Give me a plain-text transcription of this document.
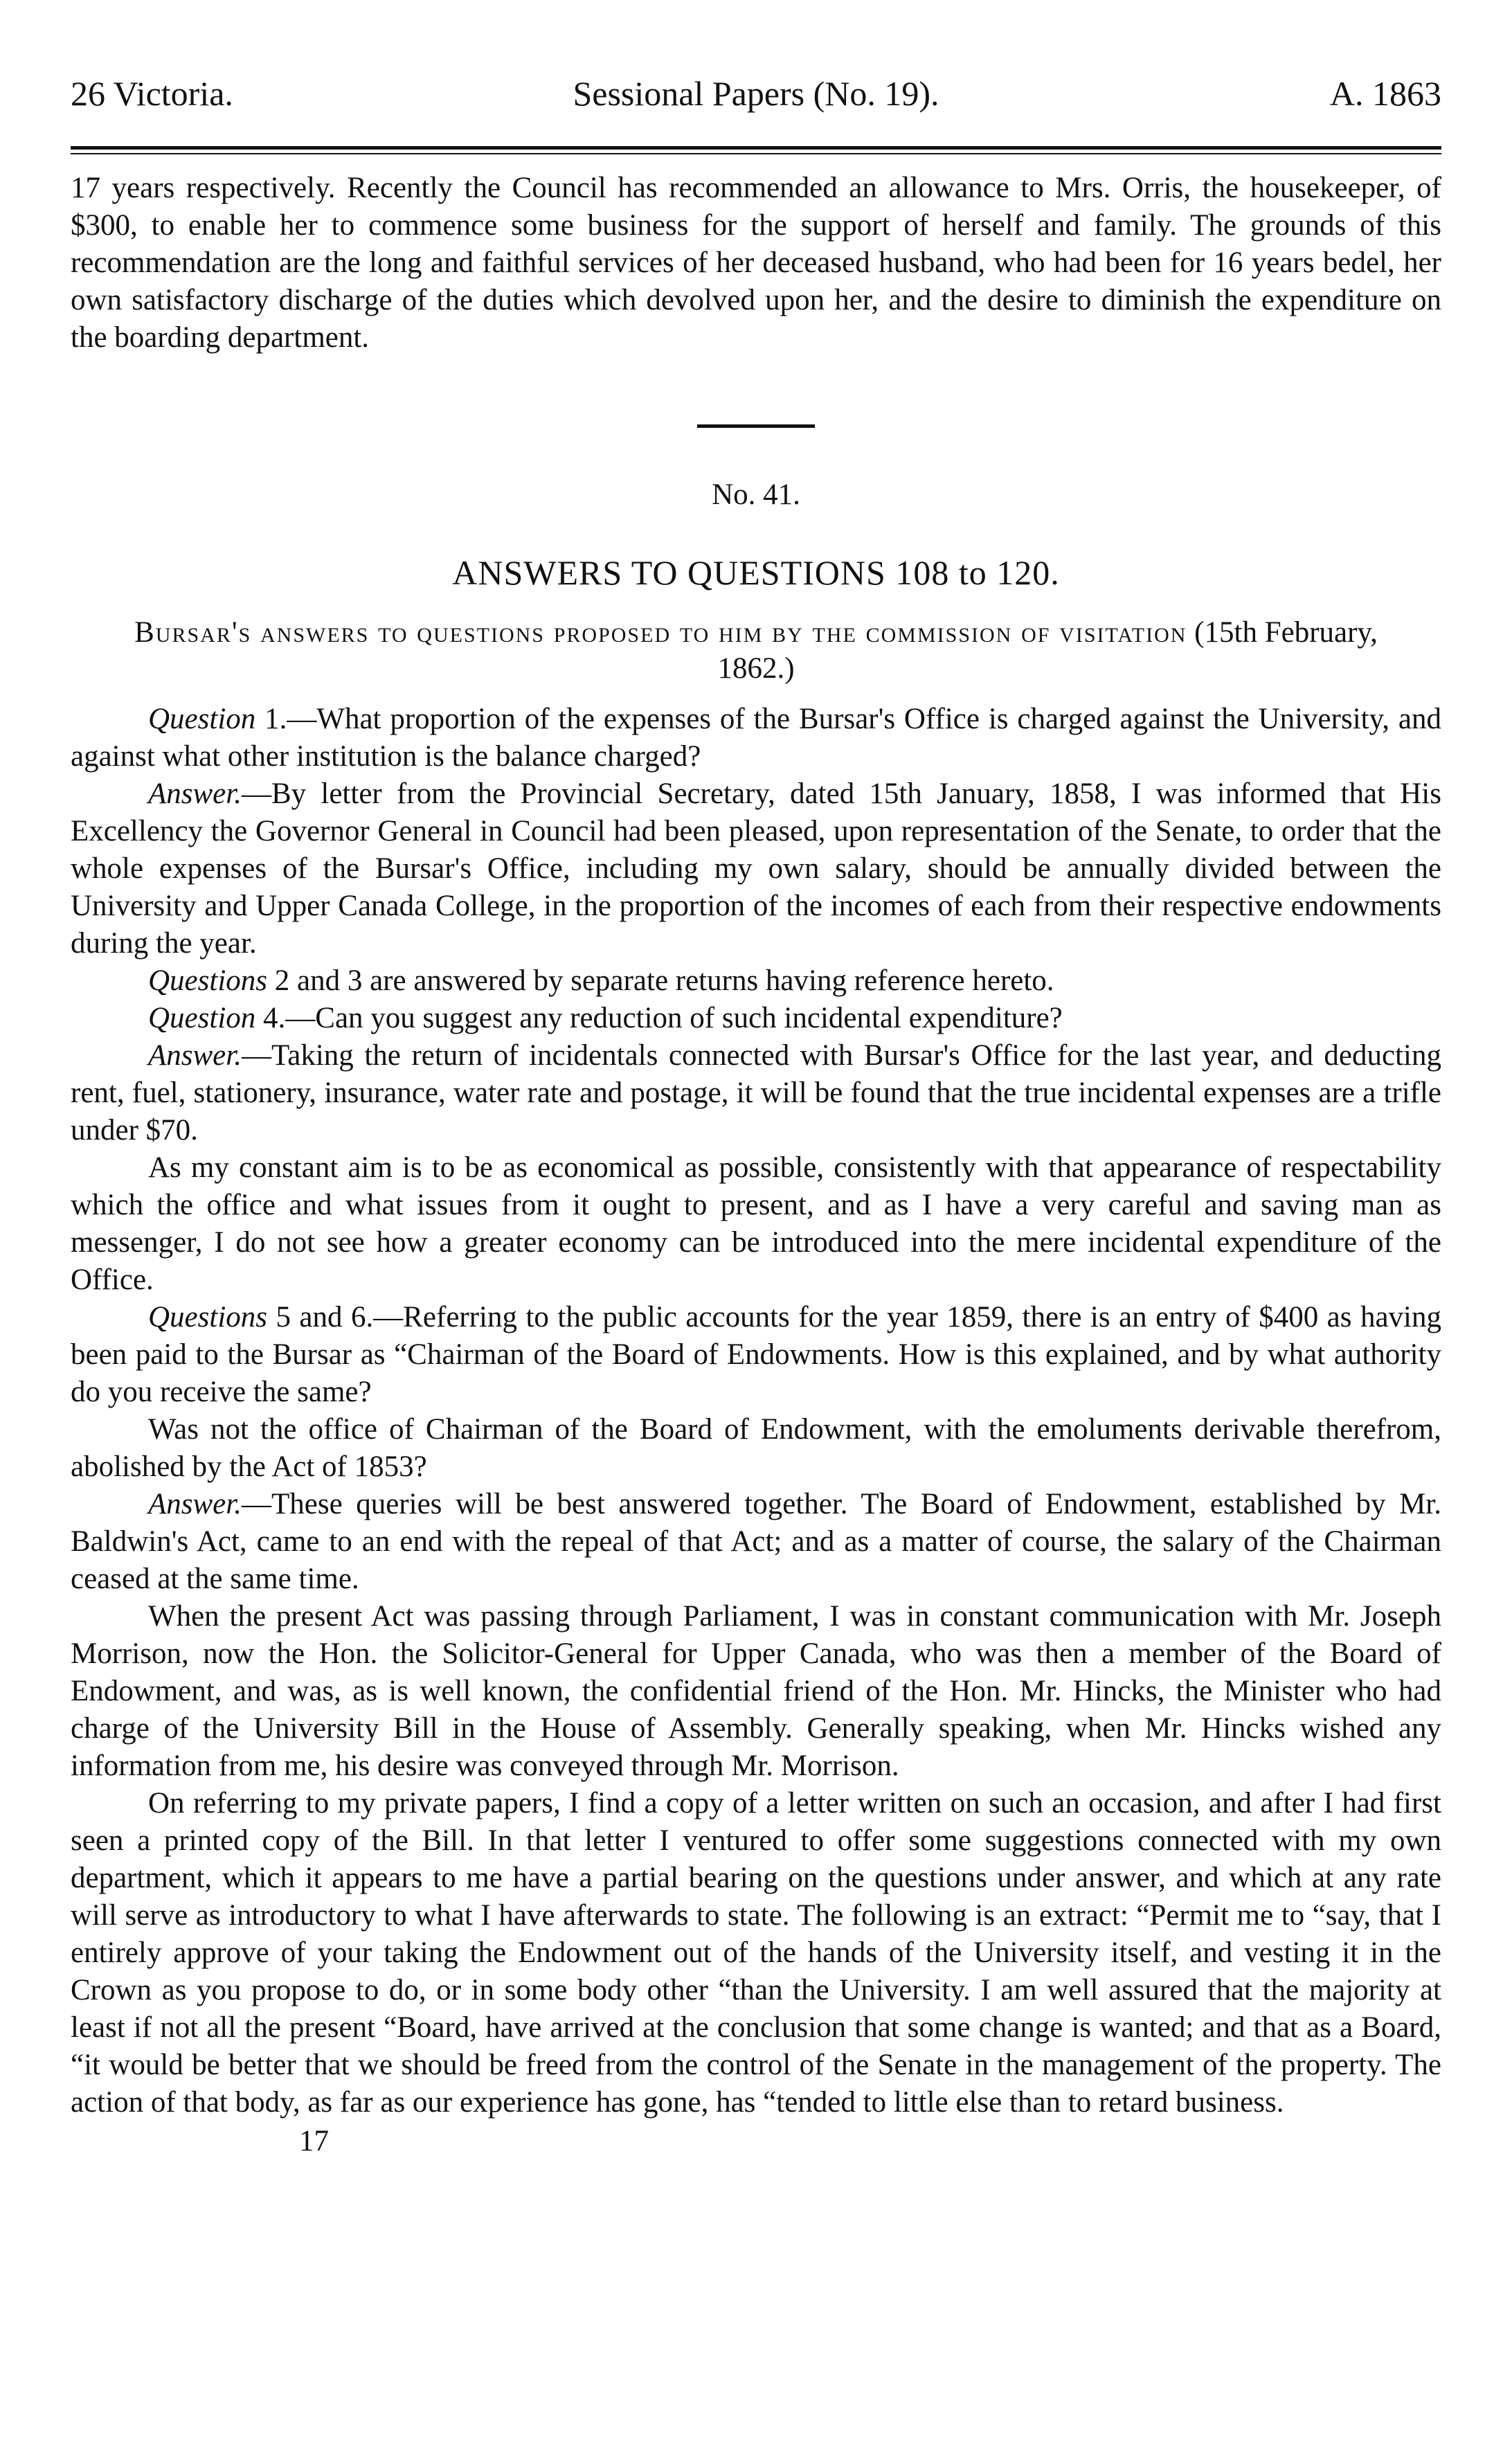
26 Victoria.	Sessional Papers (No. 19).	A. 1863

17 years respectively. Recently the Council has recommended an allowance to Mrs. Orris, the housekeeper, of $300, to enable her to commence some business for the support of herself and family. The grounds of this recommendation are the long and faithful services of her deceased husband, who had been for 16 years bedel, her own satisfactory discharge of the duties which devolved upon her, and the desire to diminish the expenditure on the boarding department.

No. 41.
ANSWERS TO QUESTIONS 108 to 120.
Bursar's answers to questions proposed to him by the commission of visitation (15th February, 1862.)

Question 1.—What proportion of the expenses of the Bursar's Office is charged against the University, and against what other institution is the balance charged?

Answer.—By letter from the Provincial Secretary, dated 15th January, 1858, I was informed that His Excellency the Governor General in Council had been pleased, upon representation of the Senate, to order that the whole expenses of the Bursar's Office, including my own salary, should be annually divided between the University and Upper Canada College, in the proportion of the incomes of each from their respective endowments during the year.

Questions 2 and 3 are answered by separate returns having reference hereto.

Question 4.—Can you suggest any reduction of such incidental expenditure?

Answer.—Taking the return of incidentals connected with Bursar's Office for the last year, and deducting rent, fuel, stationery, insurance, water rate and postage, it will be found that the true incidental expenses are a trifle under $70.

As my constant aim is to be as economical as possible, consistently with that appearance of respectability which the office and what issues from it ought to present, and as I have a very careful and saving man as messenger, I do not see how a greater economy can be introduced into the mere incidental expenditure of the Office.

Questions 5 and 6.—Referring to the public accounts for the year 1859, there is an entry of $400 as having been paid to the Bursar as “Chairman of the Board of Endowments. How is this explained, and by what authority do you receive the same?

Was not the office of Chairman of the Board of Endowment, with the emoluments derivable therefrom, abolished by the Act of 1853?

Answer.—These queries will be best answered together. The Board of Endowment, established by Mr. Baldwin's Act, came to an end with the repeal of that Act; and as a matter of course, the salary of the Chairman ceased at the same time.

When the present Act was passing through Parliament, I was in constant communication with Mr. Joseph Morrison, now the Hon. the Solicitor-General for Upper Canada, who was then a member of the Board of Endowment, and was, as is well known, the confidential friend of the Hon. Mr. Hincks, the Minister who had charge of the University Bill in the House of Assembly. Generally speaking, when Mr. Hincks wished any information from me, his desire was conveyed through Mr. Morrison.

On referring to my private papers, I find a copy of a letter written on such an occasion, and after I had first seen a printed copy of the Bill. In that letter I ventured to offer some suggestions connected with my own department, which it appears to me have a partial bearing on the questions under answer, and which at any rate will serve as introductory to what I have afterwards to state. The following is an extract: “Permit me to “say, that I entirely approve of your taking the Endowment out of the hands of the University itself, and vesting it in the Crown as you propose to do, or in some body other “than the University. I am well assured that the majority at least if not all the present “Board, have arrived at the conclusion that some change is wanted; and that as a Board, “it would be better that we should be freed from the control of the Senate in the management of the property. The action of that body, as far as our experience has gone, has “tended to little else than to retard business.

17
